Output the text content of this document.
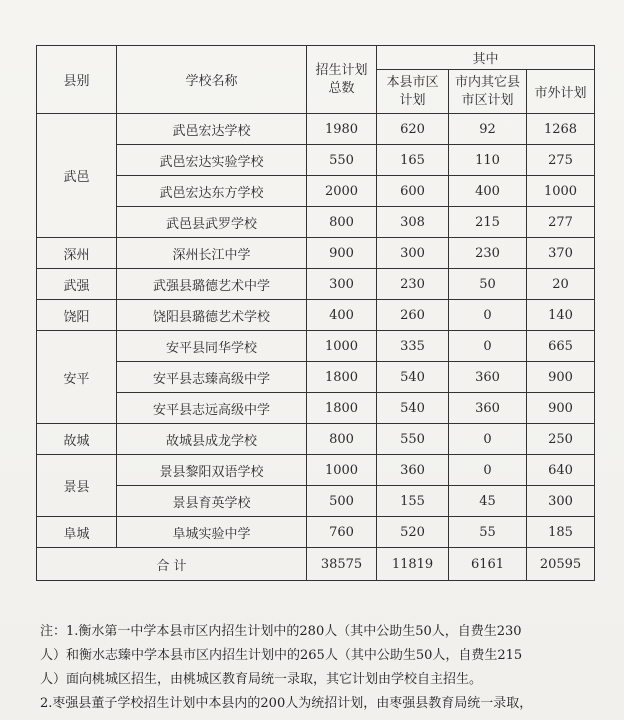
县别	学校名称	招生计划总数	其中		
			本县市区计划	市内其它县市区计划	市外计划
武邑	武邑宏达学校	1980	620	92	1268
	武邑宏达实验学校	550	165	110	275
	武邑宏达东方学校	2000	600	400	1000
	武邑县武罗学校	800	308	215	277
深州	深州长江中学	900	300	230	370
武强	武强县璐德艺术中学	300	230	50	20
饶阳	饶阳县璐德艺术学校	400	260	0	140
安平	安平县同华学校	1000	335	0	665
	安平县志臻高级中学	1800	540	360	900
	安平县志远高级中学	1800	540	360	900
故城	故城县成龙学校	800	550	0	250
景县	景县黎阳双语学校	1000	360	0	640
	景县育英学校	500	155	45	300
阜城	阜城实验中学	760	520	55	185
合 计		38575	11819	6161	20595

注：1.衡水第一中学本县市区内招生计划中的280人（其中公助生50人，自费生230

人）和衡水志臻中学本县市区内招生计划中的265人（其中公助生50人，自费生215

人）面向桃城区招生，由桃城区教育局统一录取，其它计划由学校自主招生。

2.枣强县董子学校招生计划中本县内的200人为统招计划，由枣强县教育局统一录取，
